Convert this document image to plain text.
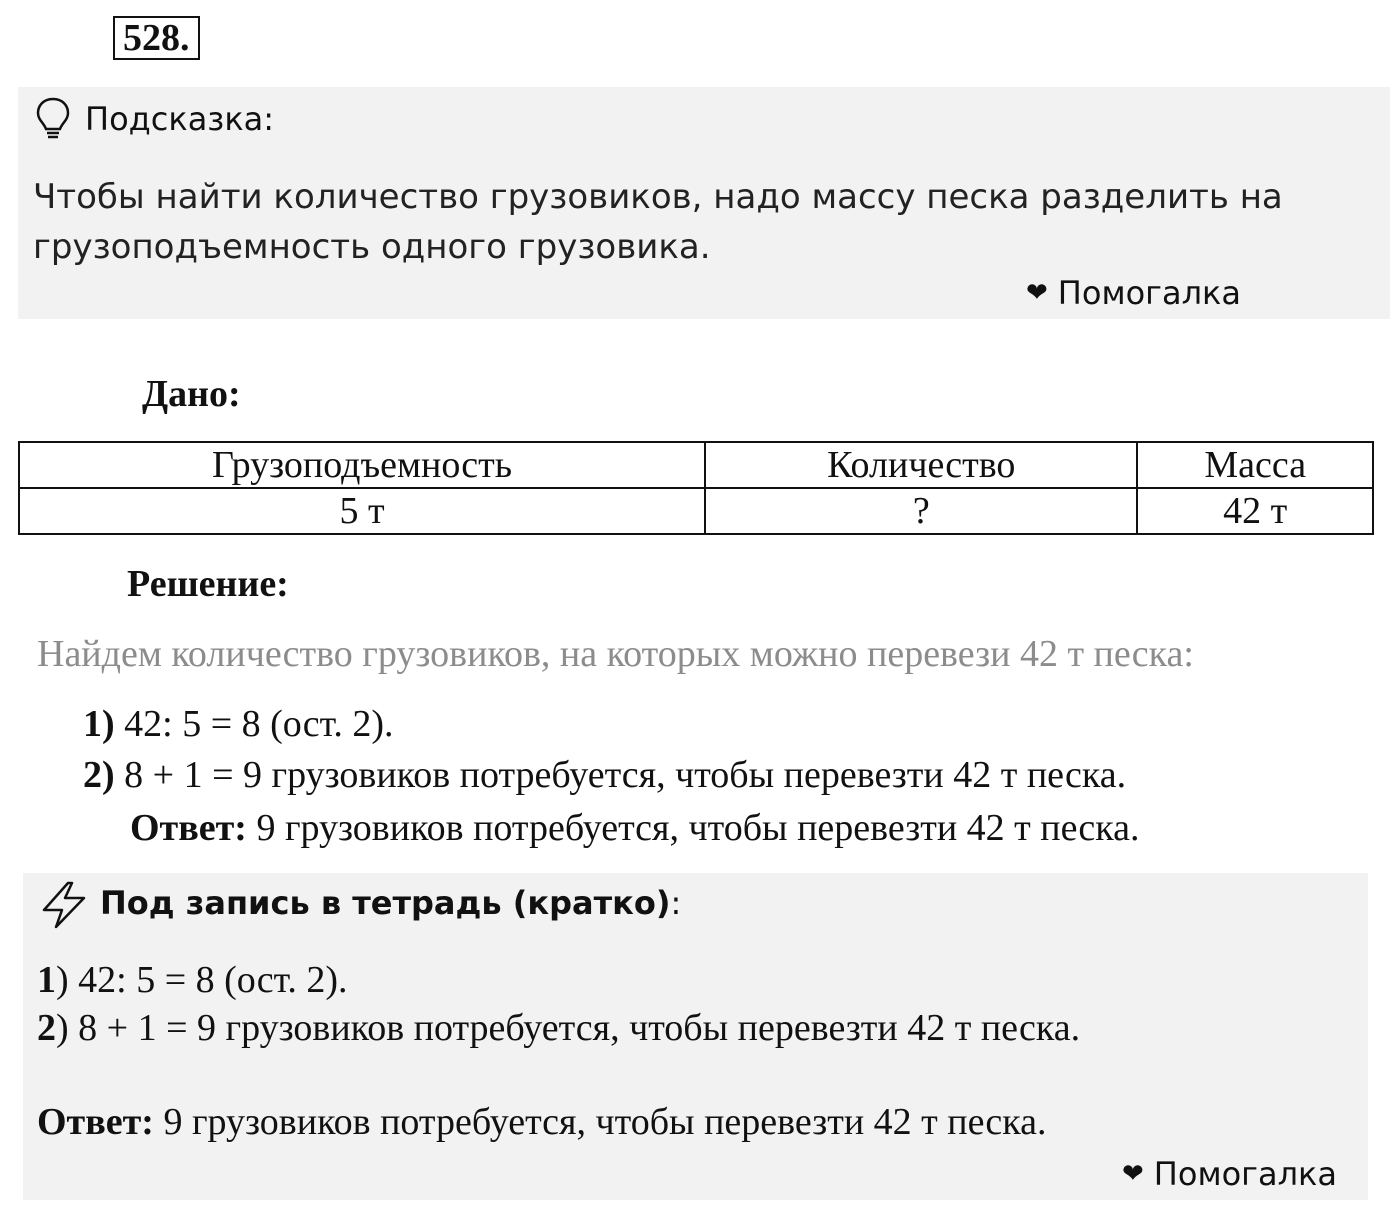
528.
Подсказка:
Чтобы найти количество грузовиков, надо массу песка разделить на грузоподъемность одного грузовика.
❤ Помогалка
Дано:
Грузоподъемность	Количество	Масса
5 т	?	42 т
Решение:
Найдем количество грузовиков, на которых можно перевези 42 т песка:
1) 42: 5 = 8 (ост. 2).
2) 8 + 1 = 9 грузовиков потребуется, чтобы перевезти 42 т песка.
Ответ: 9 грузовиков потребуется, чтобы перевезти 42 т песка.
Под запись в тетрадь (кратко):
1) 42: 5 = 8 (ост. 2).
2) 8 + 1 = 9 грузовиков потребуется, чтобы перевезти 42 т песка.
Ответ: 9 грузовиков потребуется, чтобы перевезти 42 т песка.
❤ Помогалка
